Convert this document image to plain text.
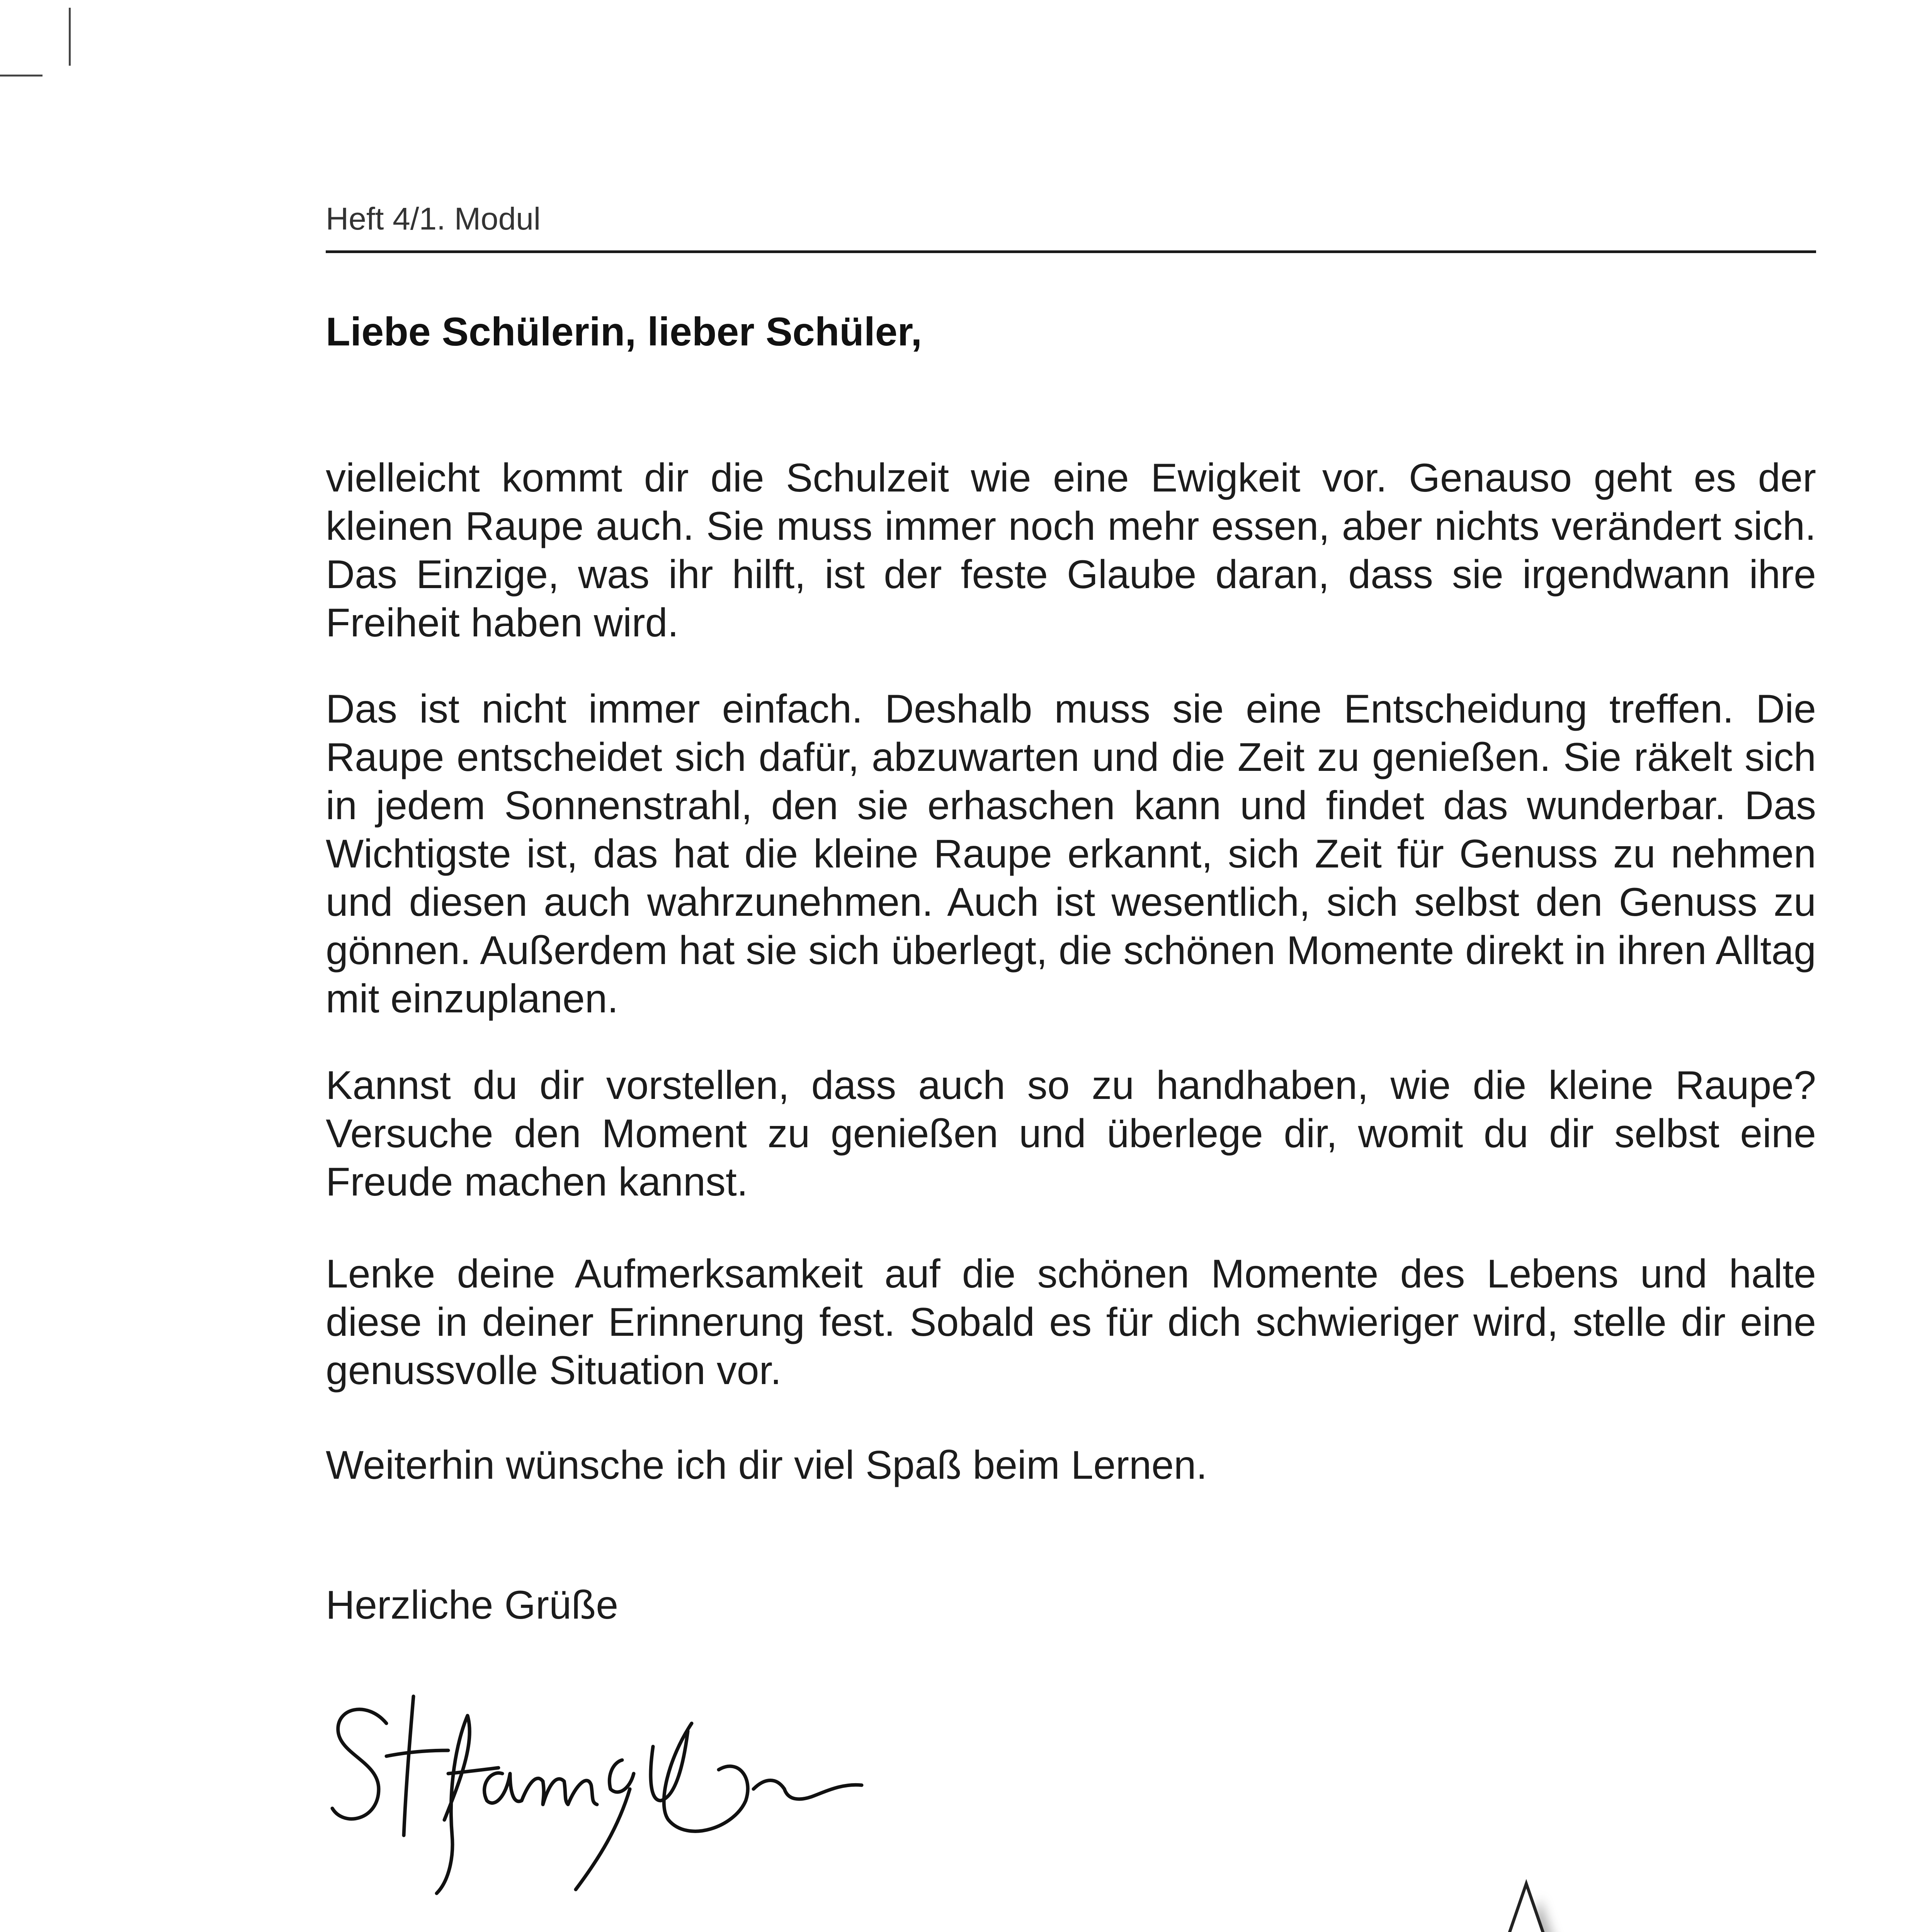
Heft 4/1. Modul
Liebe Schülerin, lieber Schüler,

vielleicht kommt dir die Schulzeit wie eine Ewigkeit vor. Genauso geht es der kleinen Raupe auch. Sie muss immer noch mehr essen, aber nichts verändert sich. Das Einzige, was ihr hilft, ist der feste Glaube daran, dass sie irgendwann ihre Freiheit haben wird.

Das ist nicht immer einfach. Deshalb muss sie eine Entscheidung treffen. Die Raupe entscheidet sich dafür, abzuwarten und die Zeit zu genießen. Sie räkelt sich in jedem Sonnenstrahl, den sie erhaschen kann und findet das wunderbar. Das Wichtigste ist, das hat die kleine Raupe erkannt, sich Zeit für Genuss zu nehmen und diesen auch wahrzunehmen. Auch ist wesentlich, sich selbst den Genuss zu gönnen. Außerdem hat sie sich überlegt, die schönen Momente direkt in ihren Alltag mit einzuplanen.

Kannst du dir vorstellen, dass auch so zu handhaben, wie die kleine Raupe? Versuche den Moment zu genießen und überlege dir, womit du dir selbst eine Freude machen kannst.

Lenke deine Aufmerksamkeit auf die schönen Momente des Lebens und halte diese in deiner Erinnerung fest. Sobald es für dich schwieriger wird, stelle dir eine genussvolle Situation vor.

Weiterhin wünsche ich dir viel Spaß beim Lernen.

Herzliche Grüße
